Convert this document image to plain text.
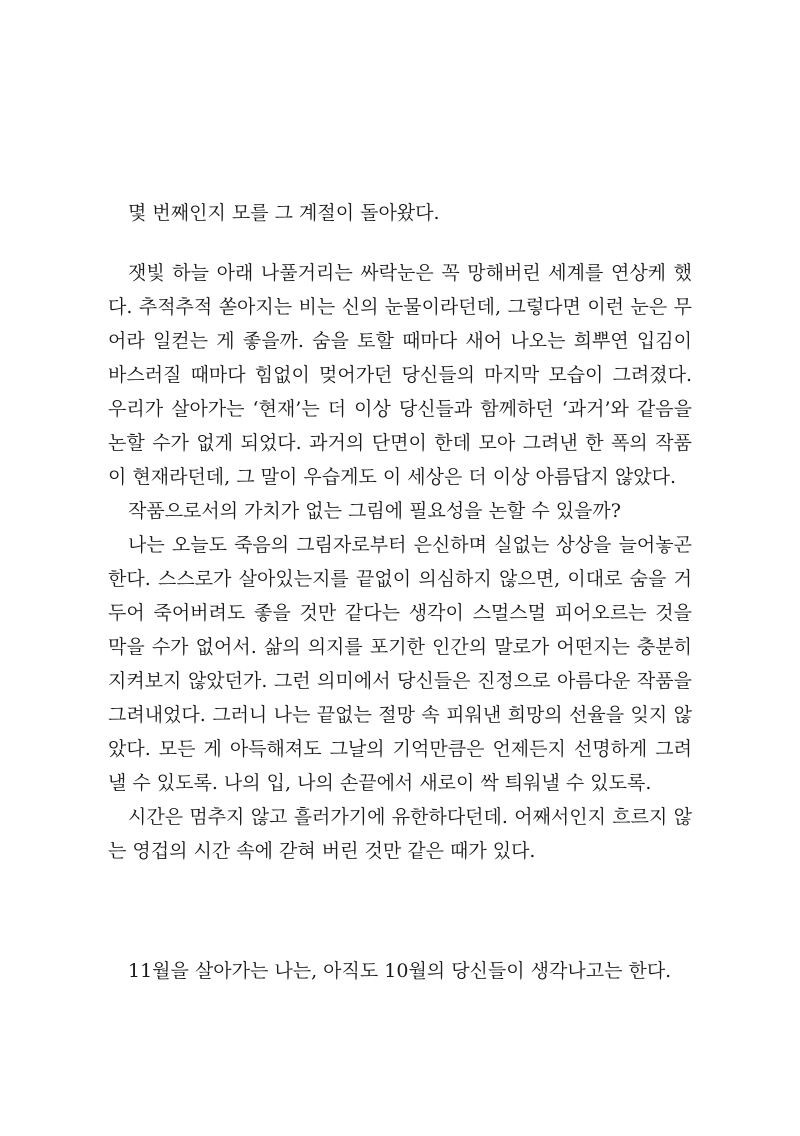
몇 번째인지 모를 그 계절이 돌아왔다.

잿빛 하늘 아래 나풀거리는 싸락눈은 꼭 망해버린 세계를 연상케 했다. 추적추적 쏟아지는 비는 신의 눈물이라던데, 그렇다면 이런 눈은 무어라 일컫는 게 좋을까. 숨을 토할 때마다 새어 나오는 희뿌연 입김이 바스러질 때마다 힘없이 멎어가던 당신들의 마지막 모습이 그려졌다. 우리가 살아가는 ‘현재’는 더 이상 당신들과 함께하던 ‘과거’와 같음을 논할 수가 없게 되었다. 과거의 단면이 한데 모아 그려낸 한 폭의 작품이 현재라던데, 그 말이 우습게도 이 세상은 더 이상 아름답지 않았다.

작품으로서의 가치가 없는 그림에 필요성을 논할 수 있을까?

나는 오늘도 죽음의 그림자로부터 은신하며 실없는 상상을 늘어놓곤 한다. 스스로가 살아있는지를 끝없이 의심하지 않으면, 이대로 숨을 거두어 죽어버려도 좋을 것만 같다는 생각이 스멀스멀 피어오르는 것을 막을 수가 없어서. 삶의 의지를 포기한 인간의 말로가 어떤지는 충분히 지켜보지 않았던가. 그런 의미에서 당신들은 진정으로 아름다운 작품을 그려내었다. 그러니 나는 끝없는 절망 속 피워낸 희망의 선율을 잊지 않았다. 모든 게 아득해져도 그날의 기억만큼은 언제든지 선명하게 그려낼 수 있도록. 나의 입, 나의 손끝에서 새로이 싹 틔워낼 수 있도록.

시간은 멈추지 않고 흘러가기에 유한하다던데. 어째서인지 흐르지 않는 영겁의 시간 속에 갇혀 버린 것만 같은 때가 있다.

11월을 살아가는 나는, 아직도 10월의 당신들이 생각나고는 한다.
